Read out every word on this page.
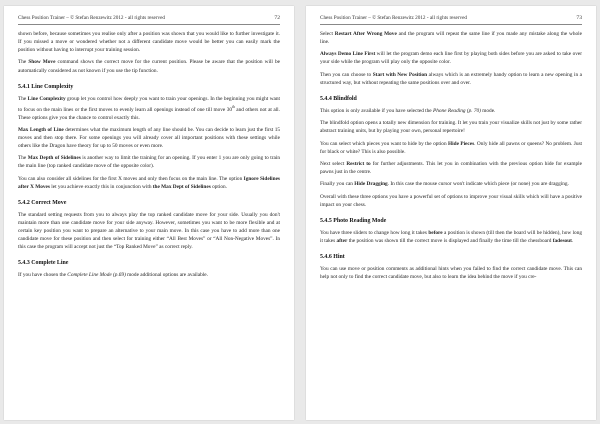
Chess Position Trainer – © Stefan Renzewitz 2012 - all rights reserved	72

shown before, because sometimes you realise only after a position was shown that you would like to further investigate it. If you missed a move or wondered whether not a different candidate move would be better you can easily mark the position without having to interrupt your training session.

The Show Move command shows the correct move for the current position. Please be aware that the position will be automatically considered as not known if you use the tip function.

5.4.1 Line Complexity

The Line Complexity group let you control how deeply you want to train your openings. In the beginning you might want to focus on the main lines or the first moves to evenly learn all openings instead of one till move 30th and others not at all. These options give you the chance to control exactly this.

Max Length of Line determines what the maximum length of any line should be. You can decide to learn just the first 15 moves and then stop there. For some openings you will already cover all important positions with these settings while others like the Dragon have theory for up to 50 moves or even more.

The Max Depth of Sidelines is another way to limit the training for an opening. If you enter 1 you are only going to train the main line (top ranked candidate move of the opposite color).

You can also consider all sidelines for the first X moves and only then focus on the main line. The option Ignore Sidelines after X Moves let you achieve exactly this in conjunction with the Max Dept of Sidelines option.

5.4.2 Correct Move

The standard setting requests from you to always play the top ranked candidate move for your side. Usually you don't maintain more than one candidate move for your side anyway. However, sometimes you want to be more flexible and at certain key position you want to prepare an alternative to your main move. In this case you have to add more than one candidate move for these position and then select for training either “All Best Moves” or “All Non-Negative Moves”. In this case the program will accept not just the “Top Ranked Move” as correct reply.

5.4.3 Complete Line

If you have chosen the Complete Line Mode (p.69) mode additional options are available.

Chess Position Trainer – © Stefan Renzewitz 2012 - all rights reserved	73

Select Restart After Wrong Move and the program will repeat the same line if you made any mistake along the whole line.

Always Demo Line First will let the program demo each line first by playing both sides before you are asked to take over your side while the program will play only the opposite color.

Then you can choose to Start with New Position always which is an extremely handy option to learn a new opening in a structured way, but without repeating the same positions over and over.

5.4.4 Blindfold

This option is only available if you have selected the Phone Reading (p. 70) mode.

The blindfold option opens a totally new dimension for training. It let you train your visualize skills not just by some rather abstract training units, but by playing your own, personal repertoire!

You can select which pieces you want to hide by the option Hide Pieces. Only hide all pawns or queens? No problem. Just for black or white? This is also possible.

Next select Restrict to for further adjustments. This let you in combination with the previous option hide for example pawns just in the centre.

Finally you can Hide Dragging. In this case the mouse cursor won't indicate which piece (or none) you are dragging.

Overall with these three options you have a powerful set of options to improve your visual skills which will have a positive impact on your chess.

5.4.5 Photo Reading Mode

You have three sliders to change how long it takes before a position is shown (till then the board will be hidden), how long it takes after the position was shown till the correct move is displayed and finally the time till the chessboard fadesout.

5.4.6 Hint

You can use move or position comments as additional hints when you failed to find the correct candidate move. This can help not only to find the correct candidate move, but also to learn the idea behind the move if you cre-
